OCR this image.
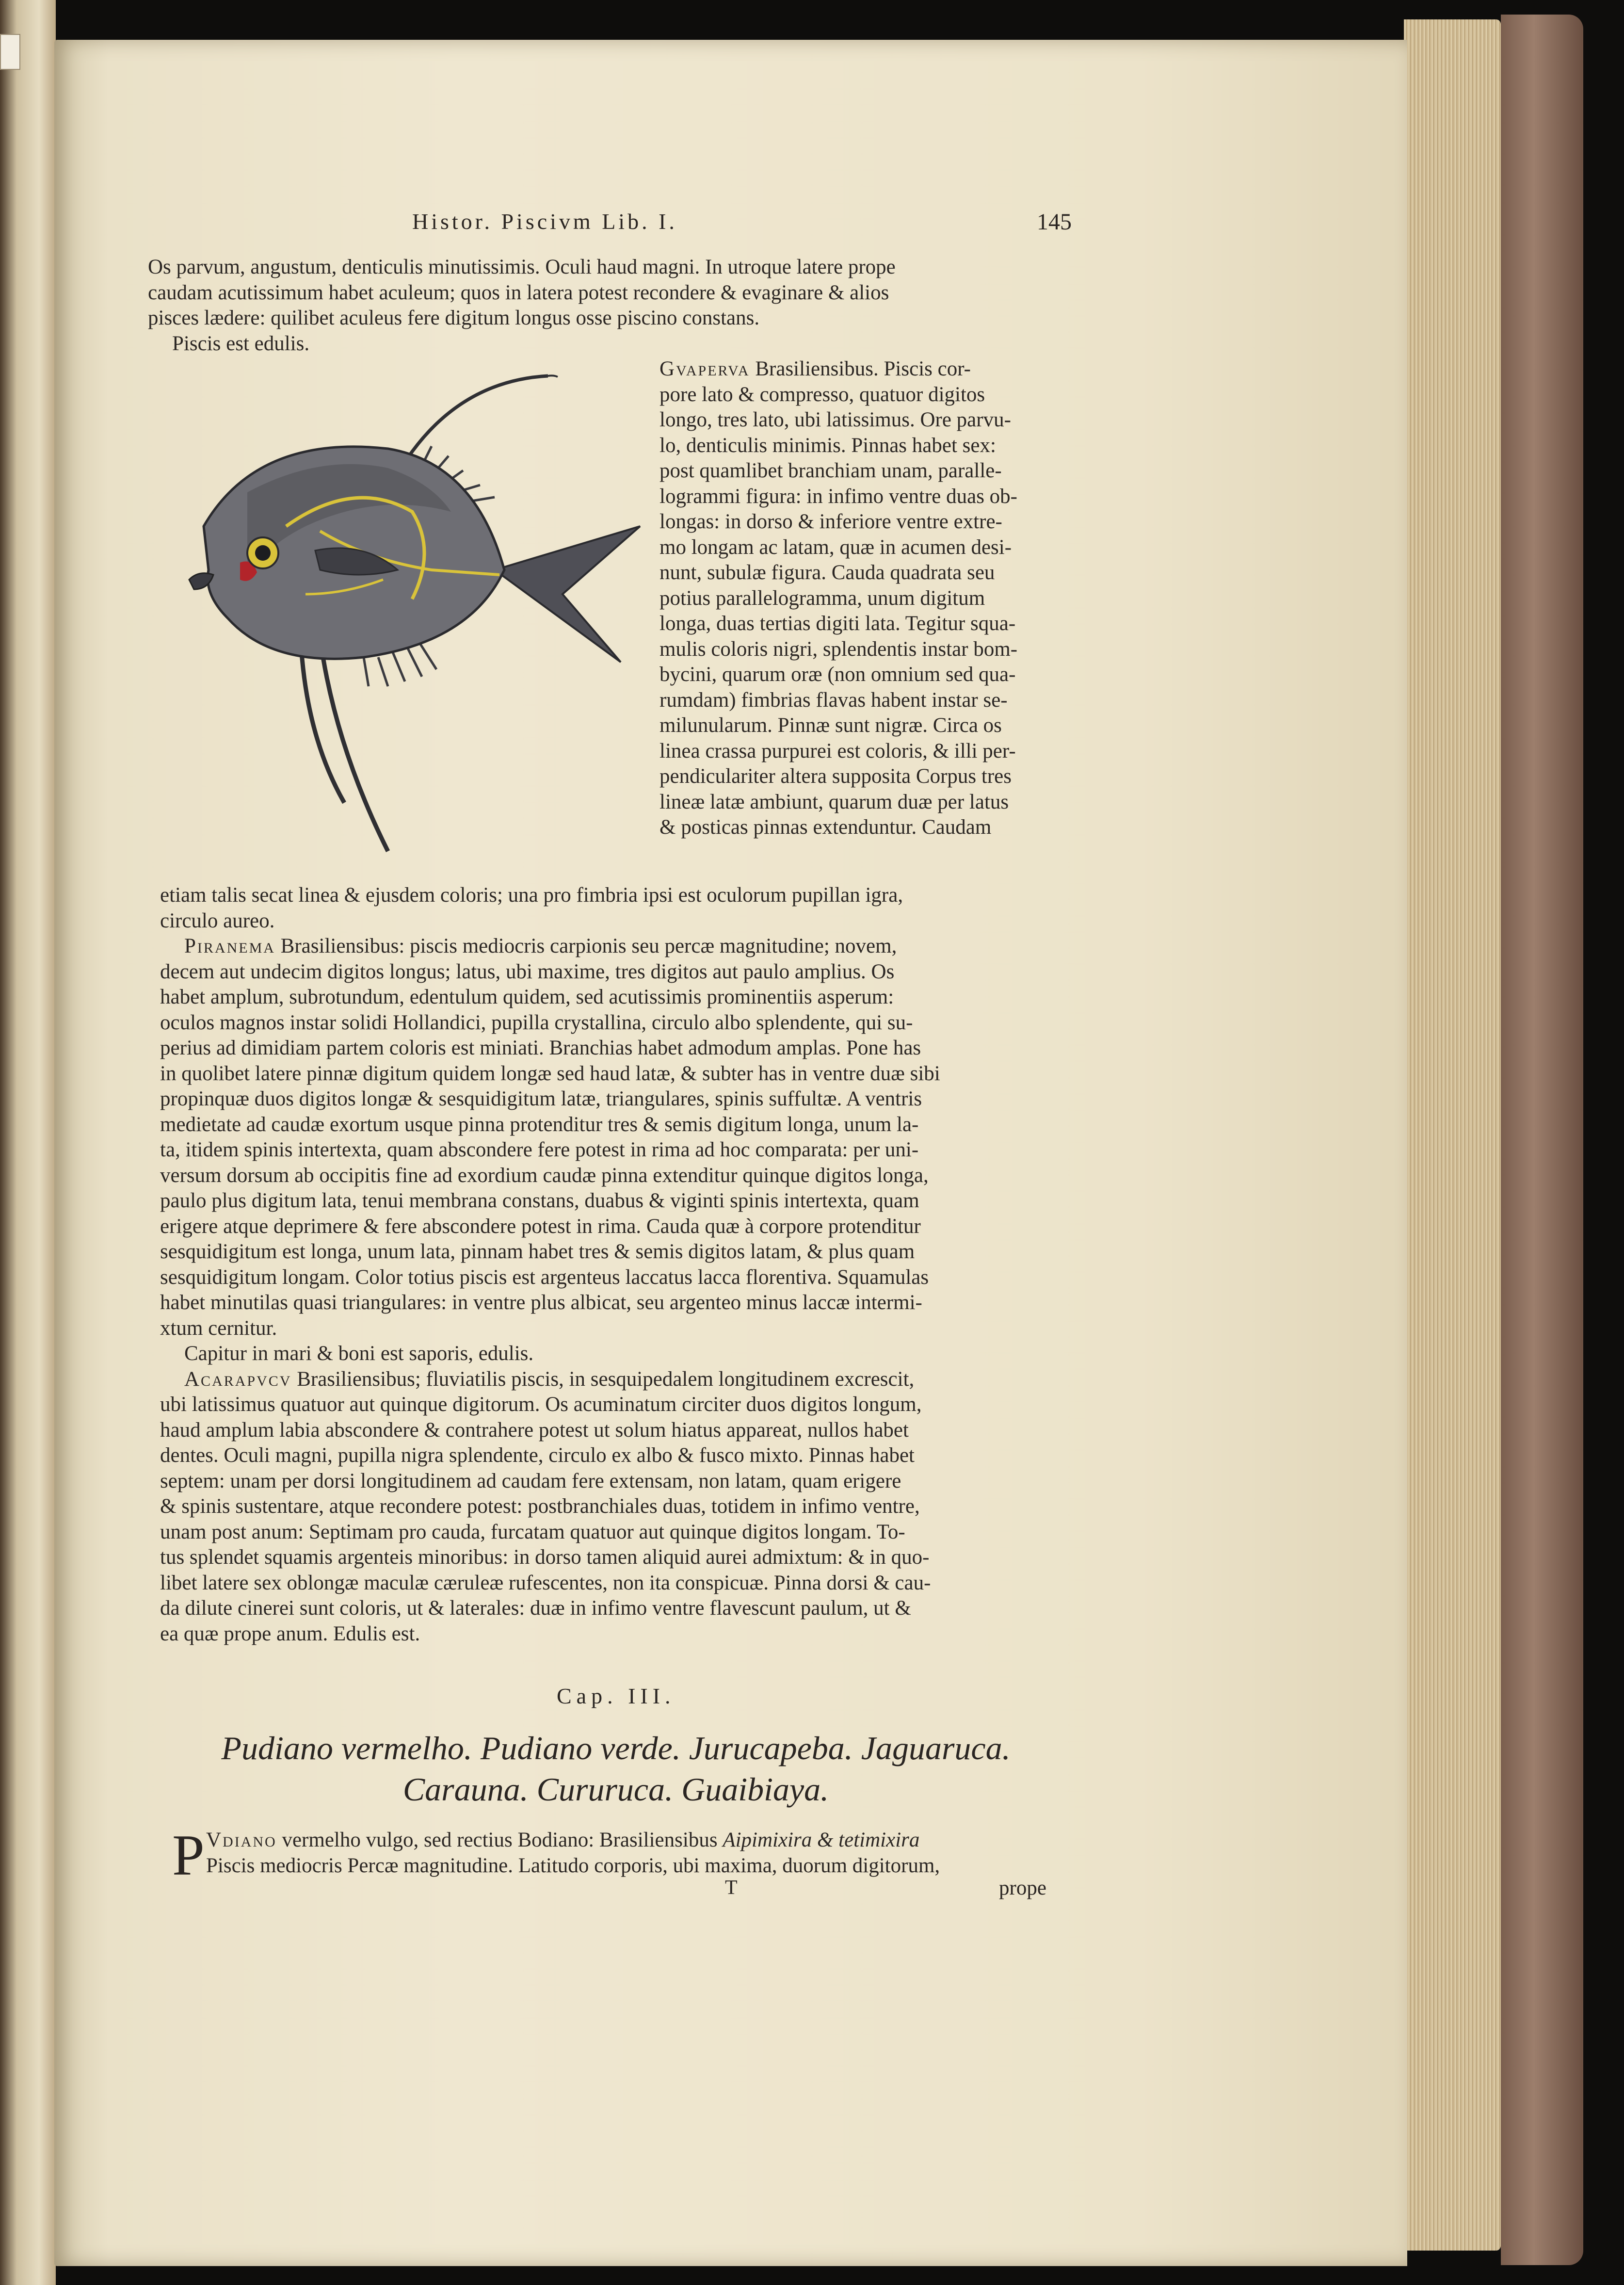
Histor. Piscivm Lib. I.	145
Os parvum, angustum, denticulis minutissimis. Oculi haud magni. In utroque latere prope
caudam acutissimum habet aculeum; quos in latera potest recondere & evaginare & alios
pisces lædere: quilibet aculeus fere digitum longus osse piscino constans.
Piscis est edulis.
Gvaperva Brasiliensibus. Piscis cor-
pore lato & compresso, quatuor digitos
longo, tres lato, ubi latissimus. Ore parvu-
lo, denticulis minimis. Pinnas habet sex:
post quamlibet branchiam unam, paralle-
logrammi figura: in infimo ventre duas ob-
longas: in dorso & inferiore ventre extre-
mo longam ac latam, quæ in acumen desi-
nunt, subulæ figura. Cauda quadrata seu
potius parallelogramma, unum digitum
longa, duas tertias digiti lata. Tegitur squa-
mulis coloris nigri, splendentis instar bom-
bycini, quarum oræ (non omnium sed qua-
rumdam) fimbrias flavas habent instar se-
milunularum. Pinnæ sunt nigræ. Circa os
linea crassa purpurei est coloris, & illi per-
pendiculariter altera supposita Corpus tres
lineæ latæ ambiunt, quarum duæ per latus
& posticas pinnas extenduntur. Caudam
etiam talis secat linea & ejusdem coloris; una pro fimbria ipsi est oculorum pupillan igra,
circulo aureo.
Piranema Brasiliensibus: piscis mediocris carpionis seu percæ magnitudine; novem,
decem aut undecim digitos longus; latus, ubi maxime, tres digitos aut paulo amplius. Os
habet amplum, subrotundum, edentulum quidem, sed acutissimis prominentiis asperum:
oculos magnos instar solidi Hollandici, pupilla crystallina, circulo albo splendente, qui su-
perius ad dimidiam partem coloris est miniati. Branchias habet admodum amplas. Pone has
in quolibet latere pinnæ digitum quidem longæ sed haud latæ, & subter has in ventre duæ sibi
propinquæ duos digitos longæ & sesquidigitum latæ, triangulares, spinis suffultæ. A ventris
medietate ad caudæ exortum usque pinna protenditur tres & semis digitum longa, unum la-
ta, itidem spinis intertexta, quam abscondere fere potest in rima ad hoc comparata: per uni-
versum dorsum ab occipitis fine ad exordium caudæ pinna extenditur quinque digitos longa,
paulo plus digitum lata, tenui membrana constans, duabus & viginti spinis intertexta, quam
erigere atque deprimere & fere abscondere potest in rima. Cauda quæ à corpore protenditur
sesquidigitum est longa, unum lata, pinnam habet tres & semis digitos latam, & plus quam
sesquidigitum longam. Color totius piscis est argenteus laccatus lacca florentiva. Squamulas
habet minutilas quasi triangulares: in ventre plus albicat, seu argenteo minus laccæ intermi-
xtum cernitur.
Capitur in mari & boni est saporis, edulis.
Acarapvcv Brasiliensibus; fluviatilis piscis, in sesquipedalem longitudinem excrescit,
ubi latissimus quatuor aut quinque digitorum. Os acuminatum circiter duos digitos longum,
haud amplum labia abscondere & contrahere potest ut solum hiatus appareat, nullos habet
dentes. Oculi magni, pupilla nigra splendente, circulo ex albo & fusco mixto. Pinnas habet
septem: unam per dorsi longitudinem ad caudam fere extensam, non latam, quam erigere
& spinis sustentare, atque recondere potest: postbranchiales duas, totidem in infimo ventre,
unam post anum: Septimam pro cauda, furcatam quatuor aut quinque digitos longam. To-
tus splendet squamis argenteis minoribus: in dorso tamen aliquid aurei admixtum: & in quo-
libet latere sex oblongæ maculæ cæruleæ rufescentes, non ita conspicuæ. Pinna dorsi & cau-
da dilute cinerei sunt coloris, ut & laterales: duæ in infimo ventre flavescunt paulum, ut &
ea quæ prope anum. Edulis est.
Cap. III.
Pudiano vermelho. Pudiano verde. Jurucapeba. Jaguaruca.
Carauna. Cururuca. Guaibiaya.
P Vdiano vermelho vulgo, sed rectius Bodiano: Brasiliensibus Aipimixira & tetimixira
Piscis mediocris Percæ magnitudine. Latitudo corporis, ubi maxima, duorum digitorum,
T	prope
